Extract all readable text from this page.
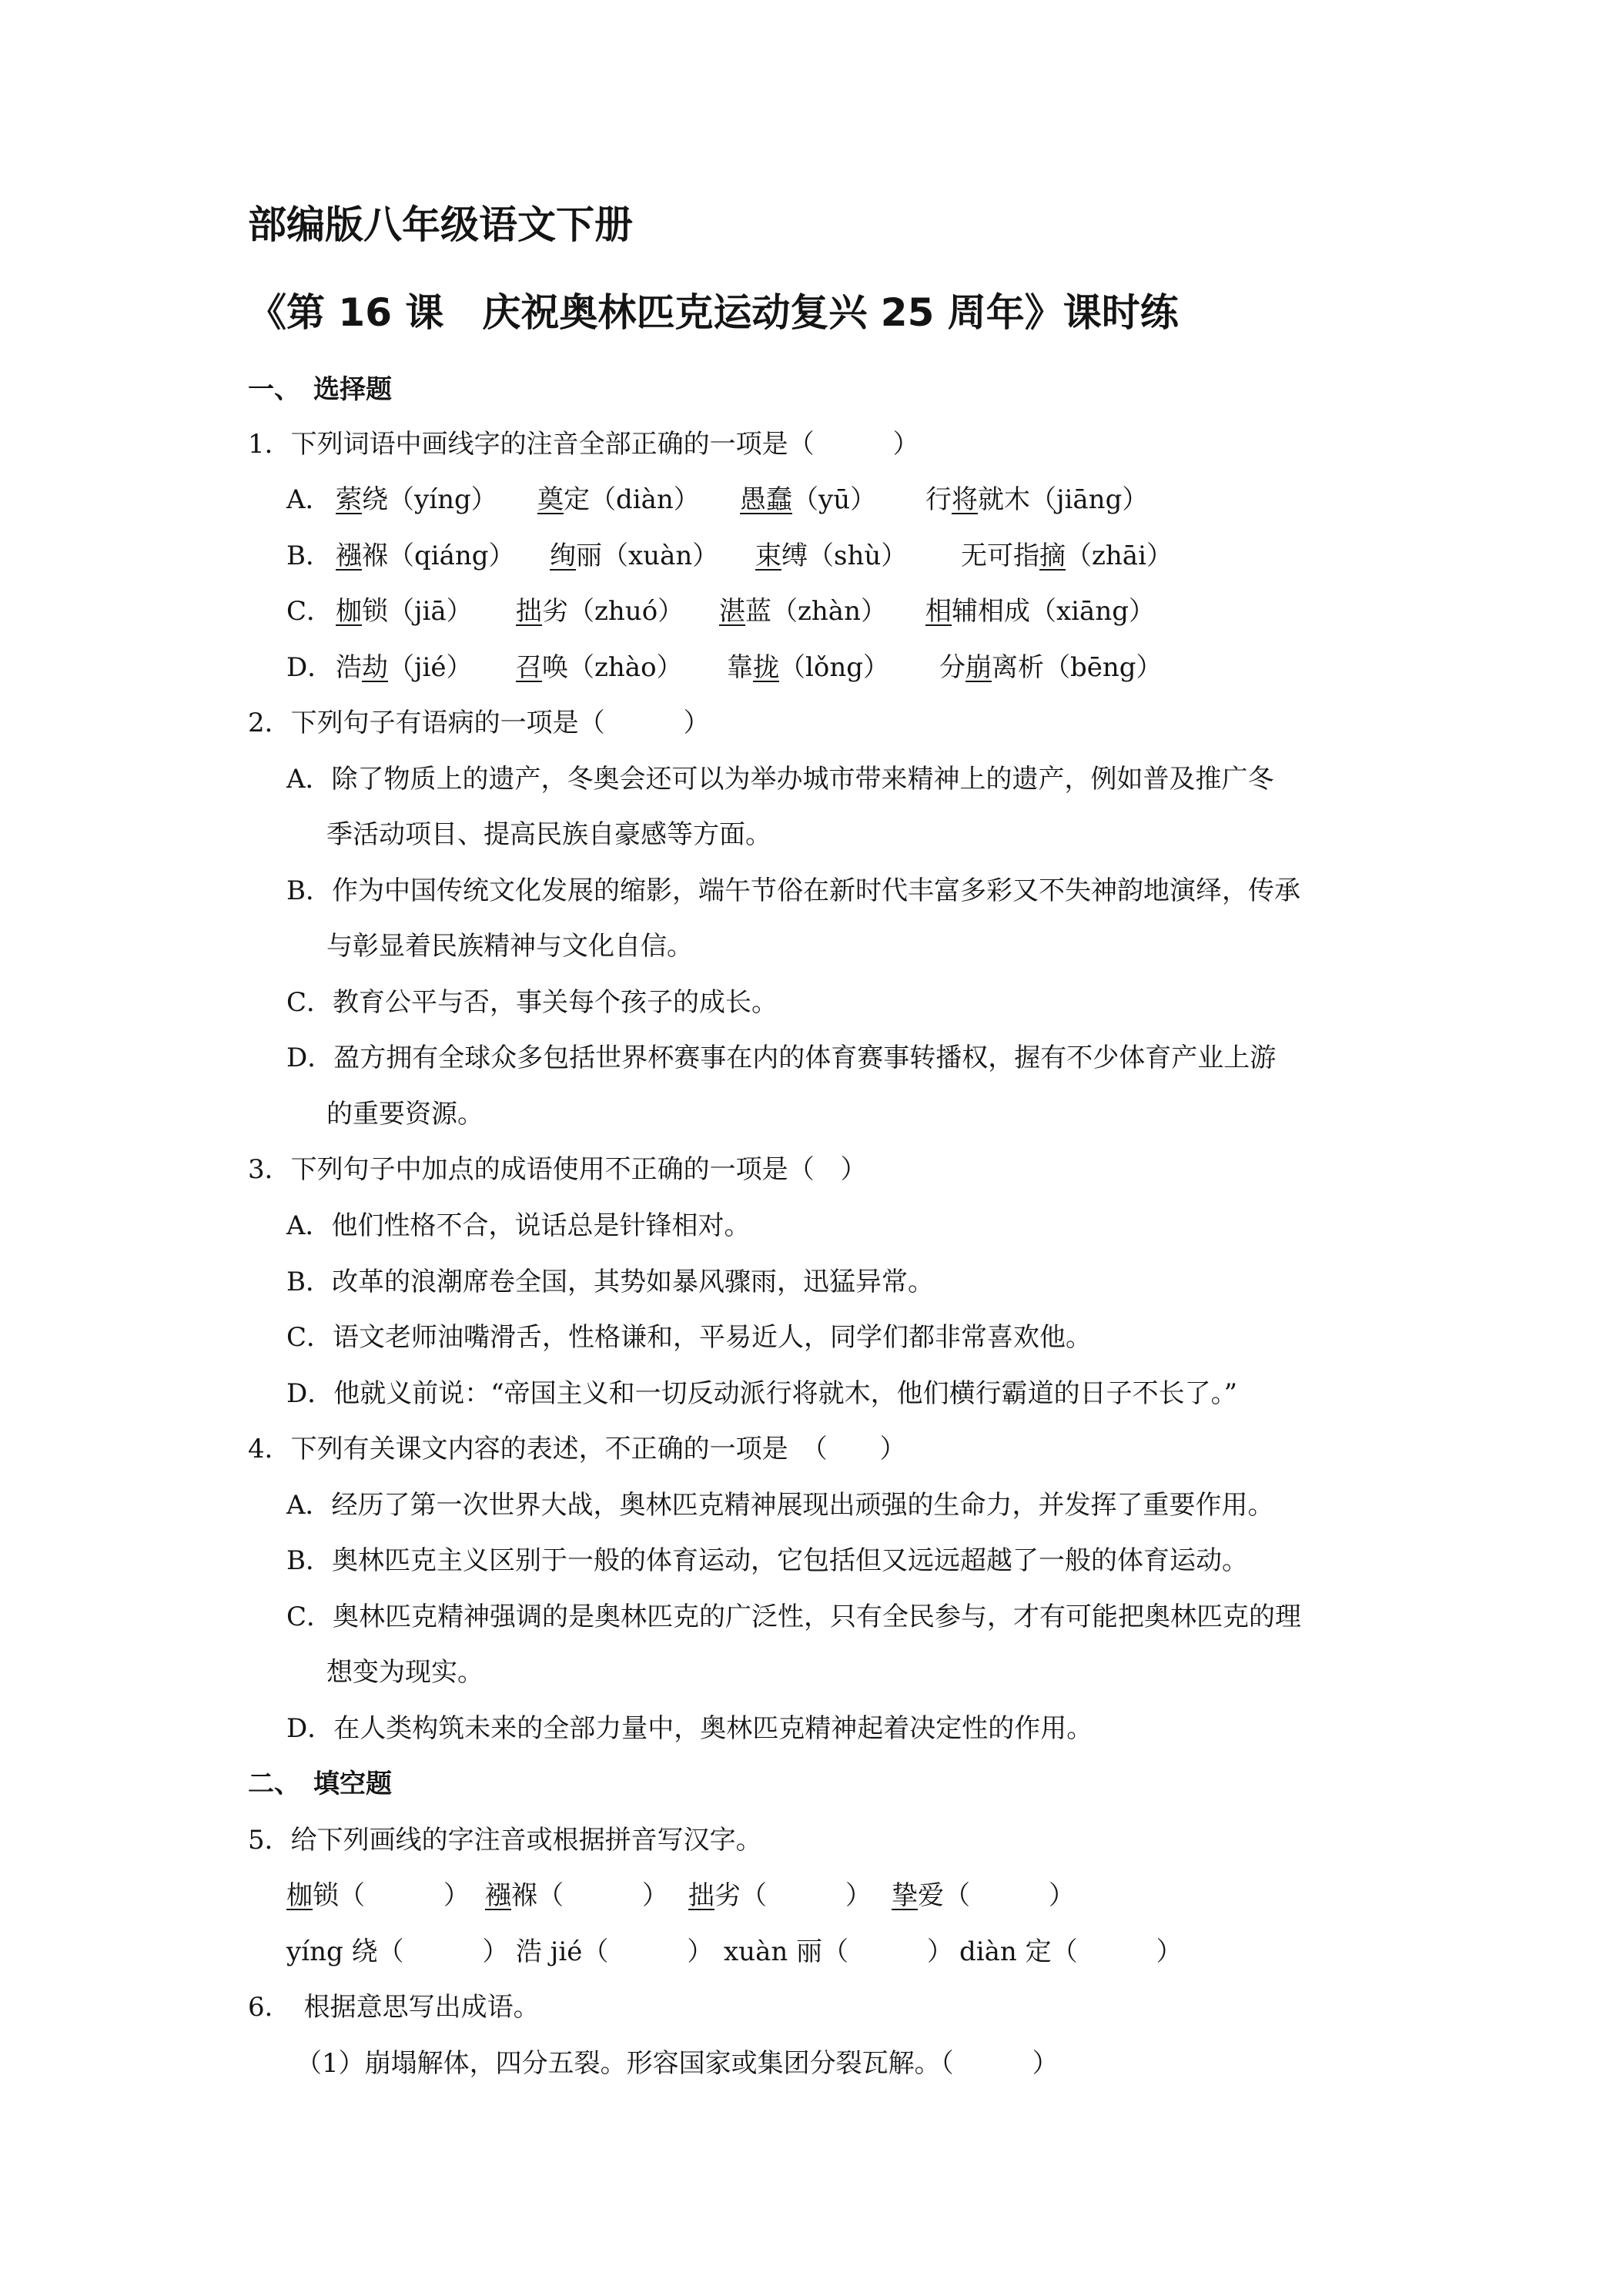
部编版八年级语文下册
《第 16 课　庆祝奥林匹克运动复兴 25 周年》课时练
一、　选择题
1．下列词语中画线字的注音全部正确的一项是（　　　）
A． 萦绕（yíng） 奠定（diàn） 愚蠢（yū） 行将就木（jiāng）
B． 襁褓（qiáng） 绚丽（xuàn） 束缚（shù） 无可指摘（zhāi）
C． 枷锁（jiā） 拙劣（zhuó） 湛蓝（zhàn） 相辅相成（xiāng）
D． 浩劫（jié） 召唤（zhào） 靠拢（lǒng） 分崩离析（bēng）
2．下列句子有语病的一项是（　　　）
A．除了物质上的遗产，冬奥会还可以为举办城市带来精神上的遗产，例如普及推广冬
季活动项目、提高民族自豪感等方面。
B．作为中国传统文化发展的缩影，端午节俗在新时代丰富多彩又不失神韵地演绎，传承
与彰显着民族精神与文化自信。
C．教育公平与否，事关每个孩子的成长。
D．盈方拥有全球众多包括世界杯赛事在内的体育赛事转播权，握有不少体育产业上游
的重要资源。
3．下列句子中加点的成语使用不正确的一项是（　）
A．他们性格不合，说话总是针锋相对。
B．改革的浪潮席卷全国，其势如暴风骤雨，迅猛异常。
C．语文老师油嘴滑舌，性格谦和，平易近人，同学们都非常喜欢他。
D．他就义前说：“帝国主义和一切反动派行将就木，他们横行霸道的日子不长了。”
4．下列有关课文内容的表述，不正确的一项是　（　　）
A．经历了第一次世界大战，奥林匹克精神展现出顽强的生命力，并发挥了重要作用。
B．奥林匹克主义区别于一般的体育运动，它包括但又远远超越了一般的体育运动。
C．奥林匹克精神强调的是奥林匹克的广泛性，只有全民参与，才有可能把奥林匹克的理
想变为现实。
D．在人类构筑未来的全部力量中，奥林匹克精神起着决定性的作用。
二、　填空题
5．给下列画线的字注音或根据拼音写汉字。
枷锁（　　　） 襁褓（　　　） 拙劣（　　　） 挚爱（　　　）
yíng 绕（　　　） 浩 jié（　　　） xuàn 丽（　　　） diàn 定（　　　）
6．　根据意思写出成语。
（1）崩塌解体，四分五裂。形容国家或集团分裂瓦解。（　　　）
